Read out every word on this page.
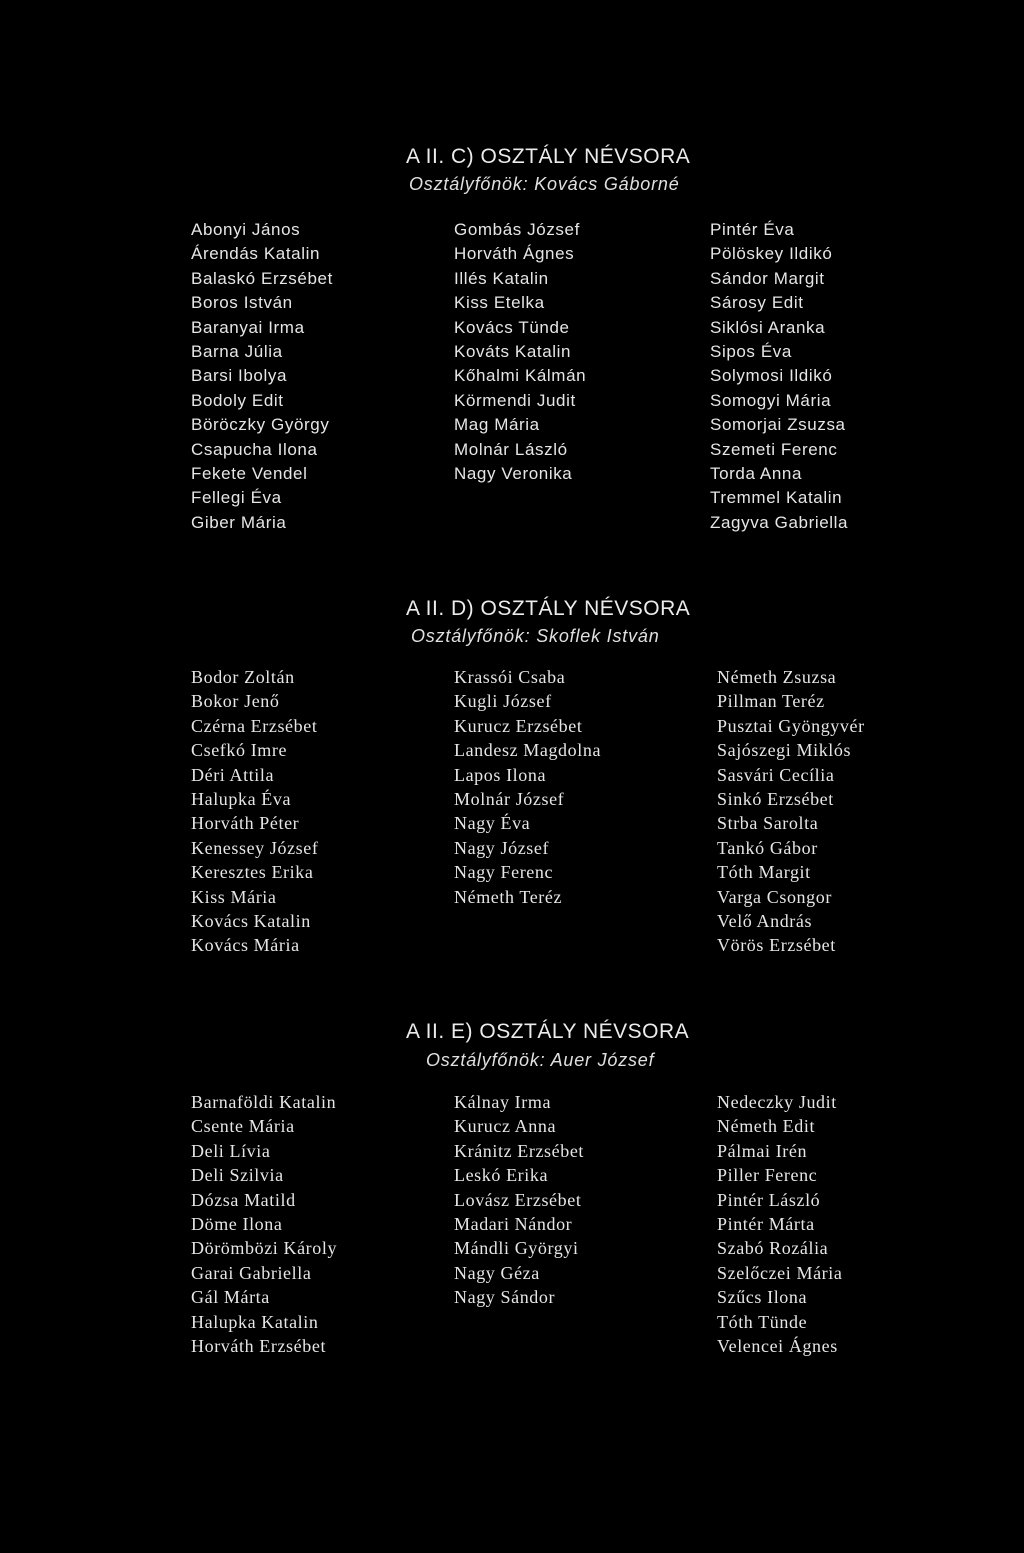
A II. C) OSZTÁLY NÉVSORA
Osztályfőnök: Kovács Gáborné
Abonyi János
Árendás Katalin
Balaskó Erzsébet
Boros István
Baranyai Irma
Barna Júlia
Barsi Ibolya
Bodoly Edit
Böröczky György
Csapucha Ilona
Fekete Vendel
Fellegi Éva
Giber Mária
Gombás József
Horváth Ágnes
Illés Katalin
Kiss Etelka
Kovács Tünde
Kováts Katalin
Kőhalmi Kálmán
Körmendi Judit
Mag Mária
Molnár László
Nagy Veronika
Pintér Éva
Pölöskey Ildikó
Sándor Margit
Sárosy Edit
Siklósi Aranka
Sipos Éva
Solymosi Ildikó
Somogyi Mária
Somorjai Zsuzsa
Szemeti Ferenc
Torda Anna
Tremmel Katalin
Zagyva Gabriella
A II. D) OSZTÁLY NÉVSORA
Osztályfőnök: Skoflek István
Bodor Zoltán
Bokor Jenő
Czérna Erzsébet
Csefkó Imre
Déri Attila
Halupka Éva
Horváth Péter
Kenessey József
Keresztes Erika
Kiss Mária
Kovács Katalin
Kovács Mária
Krassói Csaba
Kugli József
Kurucz Erzsébet
Landesz Magdolna
Lapos Ilona
Molnár József
Nagy Éva
Nagy József
Nagy Ferenc
Németh Teréz
Németh Zsuzsa
Pillman Teréz
Pusztai Gyöngyvér
Sajószegi Miklós
Sasvári Cecília
Sinkó Erzsébet
Strba Sarolta
Tankó Gábor
Tóth Margit
Varga Csongor
Velő András
Vörös Erzsébet
A II. E) OSZTÁLY NÉVSORA
Osztályfőnök: Auer József
Barnaföldi Katalin
Csente Mária
Deli Lívia
Deli Szilvia
Dózsa Matild
Döme Ilona
Dörömbözi Károly
Garai Gabriella
Gál Márta
Halupka Katalin
Horváth Erzsébet
Kálnay Irma
Kurucz Anna
Kránitz Erzsébet
Leskó Erika
Lovász Erzsébet
Madari Nándor
Mándli Györgyi
Nagy Géza
Nagy Sándor
Nedeczky Judit
Németh Edit
Pálmai Irén
Piller Ferenc
Pintér László
Pintér Márta
Szabó Rozália
Szelőczei Mária
Szűcs Ilona
Tóth Tünde
Velencei Ágnes
